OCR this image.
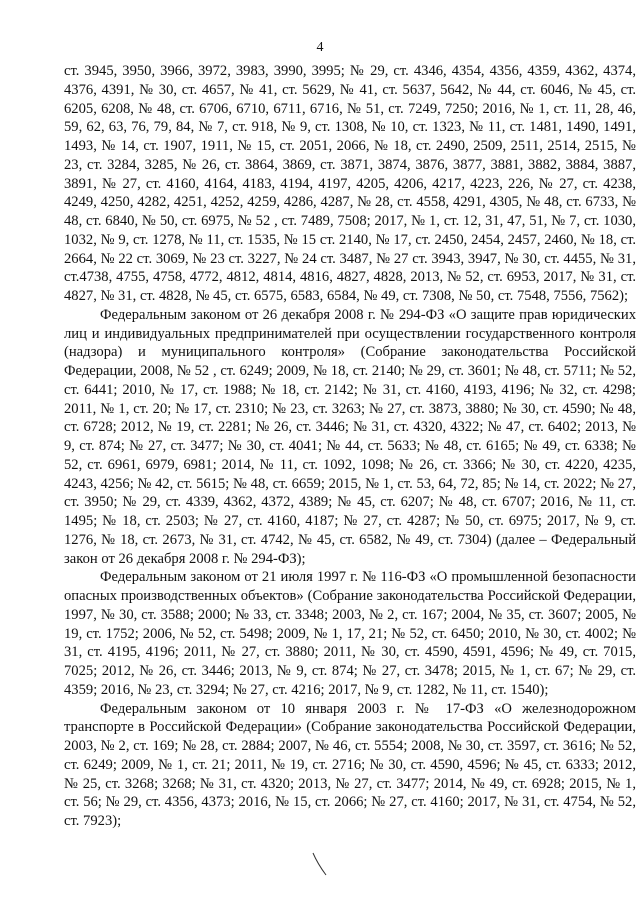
4

ст. 3945, 3950, 3966, 3972, 3983, 3990, 3995; № 29, ст. 4346, 4354, 4356, 4359, 4362, 4374, 4376, 4391, № 30, ст. 4657, № 41, ст. 5629, № 41, ст. 5637, 5642, № 44, ст. 6046, № 45, ст. 6205, 6208, № 48, ст. 6706, 6710, 6711, 6716, № 51, ст. 7249, 7250; 2016, № 1, ст. 11, 28, 46, 59, 62, 63, 76, 79, 84, № 7, ст. 918, № 9, ст. 1308, № 10, ст. 1323, № 11, ст. 1481, 1490, 1491, 1493, № 14, ст. 1907, 1911, № 15, ст. 2051, 2066, № 18, ст. 2490, 2509, 2511, 2514, 2515, № 23, ст. 3284, 3285, № 26, ст. 3864, 3869, ст. 3871, 3874, 3876, 3877, 3881, 3882, 3884, 3887, 3891, № 27, ст. 4160, 4164, 4183, 4194, 4197, 4205, 4206, 4217, 4223, 226, № 27, ст. 4238, 4249, 4250, 4282, 4251, 4252, 4259, 4286, 4287, № 28, ст. 4558, 4291, 4305, № 48, ст. 6733, № 48, ст. 6840, № 50, ст. 6975, № 52 , ст. 7489, 7508; 2017, № 1, ст. 12, 31, 47, 51, № 7, ст. 1030, 1032, № 9, ст. 1278, № 11, ст. 1535, № 15 ст. 2140, № 17, ст. 2450, 2454, 2457, 2460, № 18, ст. 2664, № 22 ст. 3069, № 23 ст. 3227, № 24 ст. 3487, № 27 ст. 3943, 3947, № 30, ст. 4455, № 31, ст.4738, 4755, 4758, 4772, 4812, 4814, 4816, 4827, 4828, 2013, № 52, ст. 6953, 2017, № 31, ст. 4827, № 31, ст. 4828, № 45, ст. 6575, 6583, 6584, № 49, ст. 7308, № 50, ст. 7548, 7556, 7562);

Федеральным законом от 26 декабря 2008 г. № 294-ФЗ «О защите прав юридических лиц и индивидуальных предпринимателей при осуществлении государственного контроля (надзора) и муниципального контроля» (Собрание законодательства Российской Федерации, 2008, № 52 , ст. 6249; 2009, № 18, ст. 2140; № 29, ст. 3601; № 48, ст. 5711; № 52, ст. 6441; 2010, № 17, ст. 1988; № 18, ст. 2142; № 31, ст. 4160, 4193, 4196; № 32, ст. 4298; 2011, № 1, ст. 20; № 17, ст. 2310; № 23, ст. 3263; № 27, ст. 3873, 3880; № 30, ст. 4590; № 48, ст. 6728; 2012, № 19, ст. 2281; № 26, ст. 3446; № 31, ст. 4320, 4322; № 47, ст. 6402; 2013, № 9, ст. 874; № 27, ст. 3477; № 30, ст. 4041; № 44, ст. 5633; № 48, ст. 6165; № 49, ст. 6338; № 52, ст. 6961, 6979, 6981; 2014, № 11, ст. 1092, 1098; № 26, ст. 3366; № 30, ст. 4220, 4235, 4243, 4256; № 42, ст. 5615; № 48, ст. 6659; 2015, № 1, ст. 53, 64, 72, 85; № 14, ст. 2022; № 27, ст. 3950; № 29, ст. 4339, 4362, 4372, 4389; № 45, ст. 6207; № 48, ст. 6707; 2016, № 11, ст. 1495; № 18, ст. 2503; № 27, ст. 4160, 4187; № 27, ст. 4287; № 50, ст. 6975; 2017, № 9, ст. 1276, № 18, ст. 2673, № 31, ст. 4742, № 45, ст. 6582, № 49, ст. 7304) (далее – Федеральный закон от 26 декабря 2008 г. № 294-ФЗ);

Федеральным законом от 21 июля 1997 г. № 116-ФЗ «О промышленной безопасности опасных производственных объектов» (Собрание законодательства Российской Федерации, 1997, № 30, ст. 3588; 2000; № 33, ст. 3348; 2003, № 2, ст. 167; 2004, № 35, ст. 3607; 2005, № 19, ст. 1752; 2006, № 52, ст. 5498; 2009, № 1, 17, 21; № 52, ст. 6450; 2010, № 30, ст. 4002; № 31, ст. 4195, 4196; 2011, № 27, ст. 3880; 2011, № 30, ст. 4590, 4591, 4596; № 49, ст. 7015, 7025; 2012, № 26, ст. 3446; 2013, № 9, ст. 874; № 27, ст. 3478; 2015, № 1, ст. 67; № 29, ст. 4359; 2016, № 23, ст. 3294; № 27, ст. 4216; 2017, № 9, ст. 1282, № 11, ст. 1540);

Федеральным законом от 10 января 2003 г. № 17-ФЗ «О железнодорожном транспорте в Российской Федерации» (Собрание законодательства Российской Федерации, 2003, № 2, ст. 169; № 28, ст. 2884; 2007, № 46, ст. 5554; 2008, № 30, ст. 3597, ст. 3616; № 52, ст. 6249; 2009, № 1, ст. 21; 2011, № 19, ст. 2716; № 30, ст. 4590, 4596; № 45, ст. 6333; 2012, № 25, ст. 3268; 3268; № 31, ст. 4320; 2013, № 27, ст. 3477; 2014, № 49, ст. 6928; 2015, № 1, ст. 56; № 29, ст. 4356, 4373; 2016, № 15, ст. 2066; № 27, ст. 4160; 2017, № 31, ст. 4754, № 52, ст. 7923);
